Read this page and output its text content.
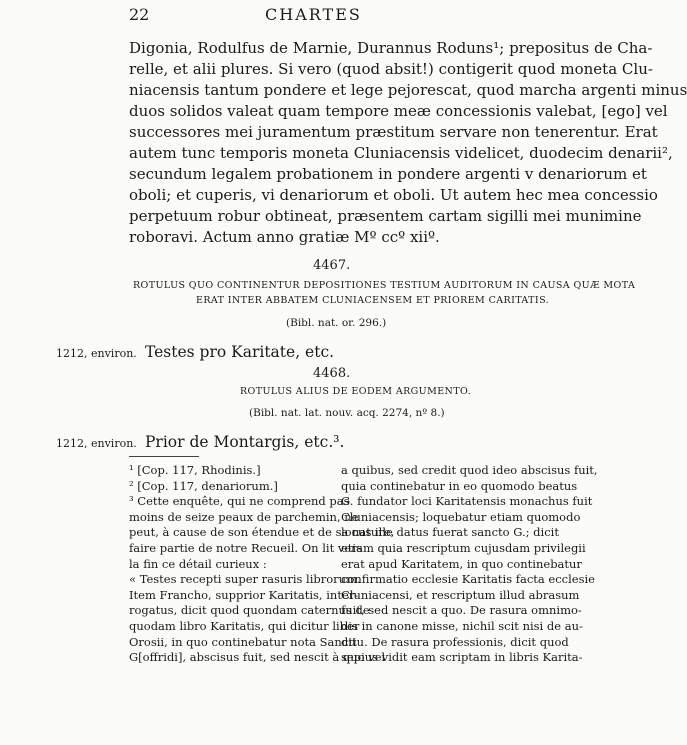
22	CHARTES
Digonia, Rodulfus de Marnie, Durannus Roduns¹; prepositus de Cha-
relle, et alii plures. Si vero (quod absit!) contigerit quod moneta Clu-
niacensis tantum pondere et lege pejorescat, quod marcha argenti minus
duos solidos valeat quam tempore meæ concessionis valebat, [ego] vel
successores mei juramentum præstitum servare non tenerentur. Erat
autem tunc temporis moneta Cluniacensis videlicet, duodecim denarii²,
secundum legalem probationem in pondere argenti v denariorum et
oboli; et cuperis, vi denariorum et oboli. Ut autem hec mea concessio
perpetuum robur obtineat, præsentem cartam sigilli mei munimine
roboravi. Actum anno gratiæ Mº ccº xiiº.
4467.
ROTULUS QUO CONTINENTUR DEPOSITIONES TESTIUM AUDITORUM IN CAUSA QUÆ MOTA
ERAT INTER ABBATEM CLUNIACENSEM ET PRIOREM CARITATIS.
(Bibl. nat. or. 296.)
1212, environ. Testes pro Karitate, etc.
4468.
ROTULUS ALIUS DE EODEM ARGUMENTO.
(Bibl. nat. lat. nouv. acq. 2274, nº 8.)
1212, environ. Prior de Montargis, etc.³.
¹ [Cop. 117, Rhodinis.]
² [Cop. 117, denariorum.]
³ Cette enquête, qui ne comprend pas
moins de seize peaux de parchemin, ne
peut, à cause de son étendue et de sa nature,
faire partie de notre Recueil. On lit vers
la fin ce détail curieux :
« Testes recepti super rasuris librorum.
Item Francho, supprior Karitatis, inter-
rogatus, dicit quod quondam caternus de
quodam libro Karitatis, qui dicitur liber
Orosii, in quo continebatur nota Sancti
G[offridi], abscisus fuit, sed nescit à quo vel
a quibus, sed credit quod ideo abscisus fuit,
quia continebatur in eo quomodo beatus
G. fundator loci Karitatensis monachus fuit
Cluniacensis; loquebatur etiam quomodo
locus ille datus fuerat sancto G.; dicit
etiam quia rescriptum cujusdam privilegii
erat apud Karitatem, in quo continebatur
confirmatio ecclesie Karitatis facta ecclesie
Cluniacensi, et rescriptum illud abrasum
fuit, sed nescit a quo. De rasura omnimo-
dis in canone misse, nichil scit nisi de au-
ditu. De rasura professionis, dicit quod
sepius vidit eam scriptam in libris Karita-
